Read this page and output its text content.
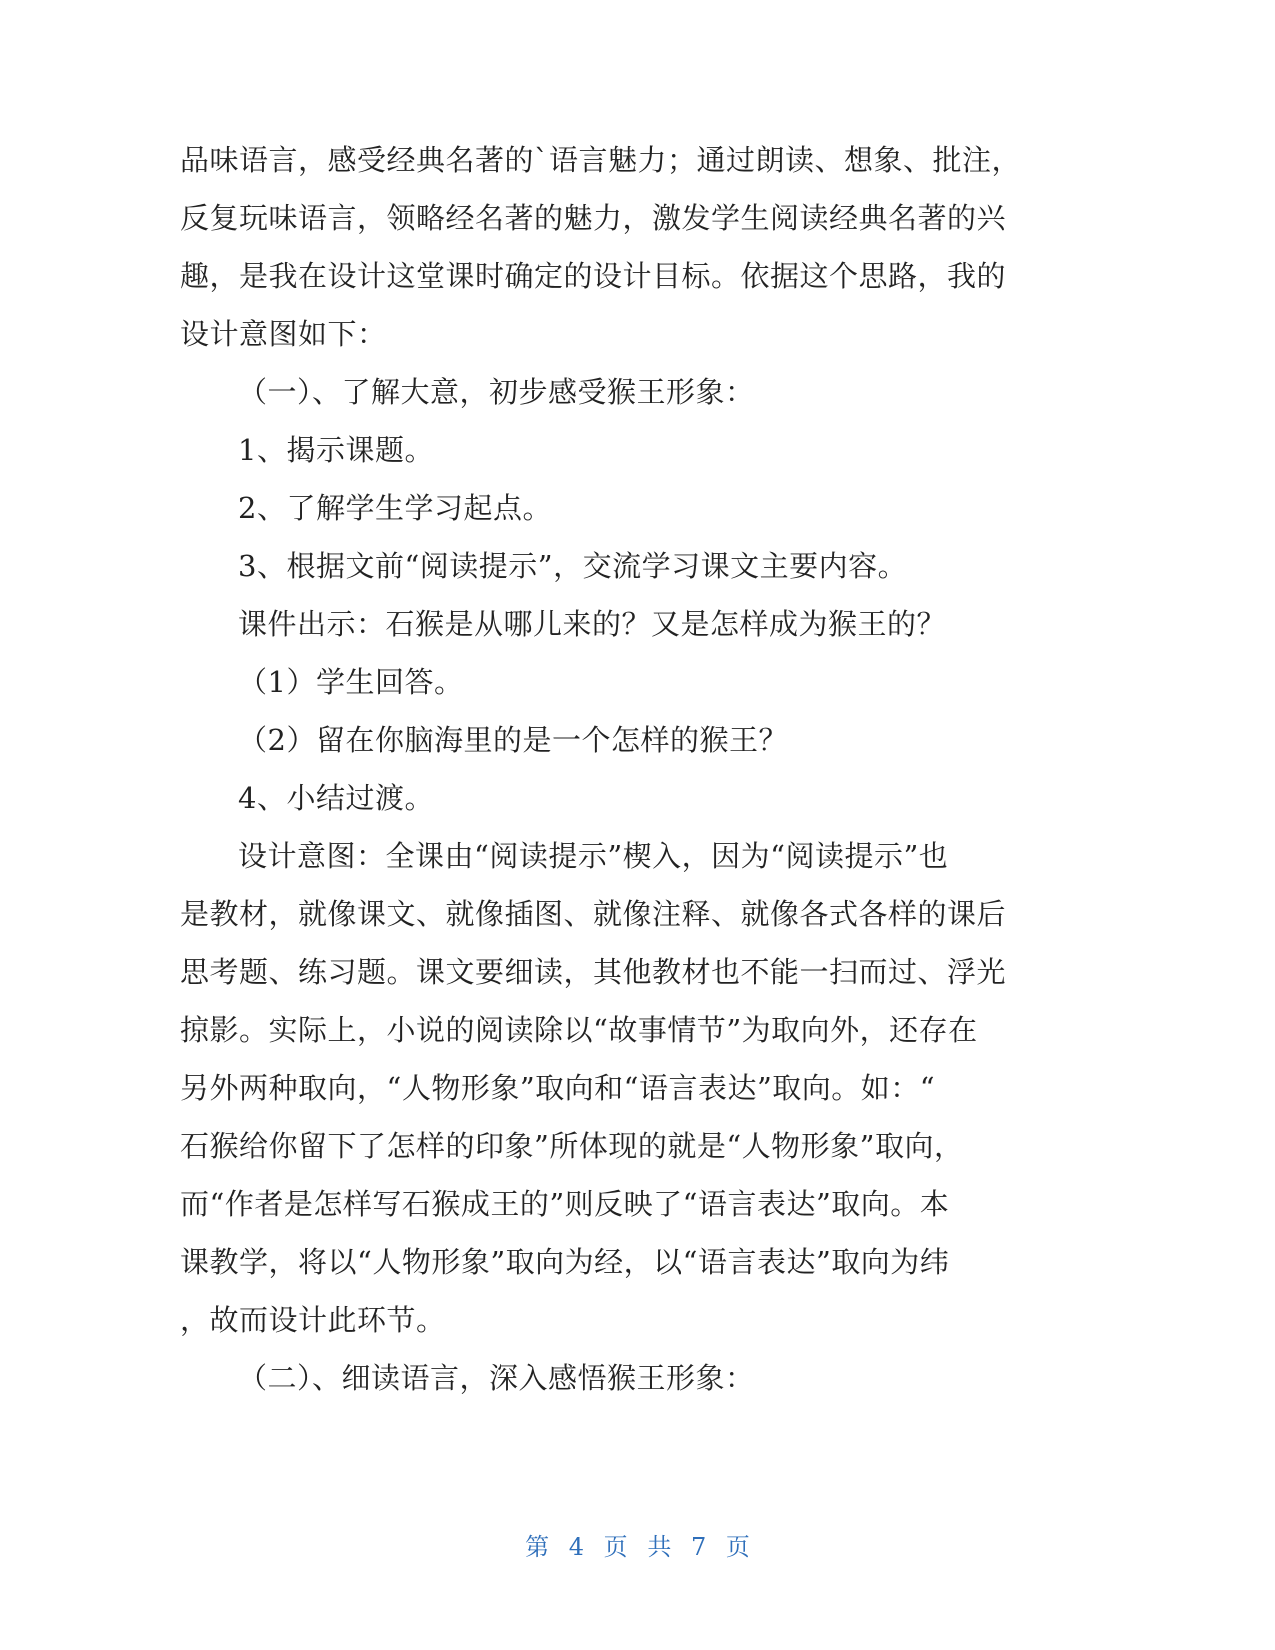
品味语言，感受经典名著的`语言魅力；通过朗读、想象、批注，
反复玩味语言，领略经名著的魅力，激发学生阅读经典名著的兴
趣，是我在设计这堂课时确定的设计目标。依据这个思路，我的
设计意图如下：
（一）、了解大意，初步感受猴王形象：
1、揭示课题。
2、了解学生学习起点。
3、根据文前“阅读提示”，交流学习课文主要内容。
课件出示：石猴是从哪儿来的？又是怎样成为猴王的？
（1）学生回答。
（2）留在你脑海里的是一个怎样的猴王？
4、小结过渡。
设计意图：全课由“阅读提示”楔入，因为“阅读提示”也
是教材，就像课文、就像插图、就像注释、就像各式各样的课后
思考题、练习题。课文要细读，其他教材也不能一扫而过、浮光
掠影。实际上，小说的阅读除以“故事情节”为取向外，还存在
另外两种取向，“人物形象”取向和“语言表达”取向。如：“
石猴给你留下了怎样的印象”所体现的就是“人物形象”取向，
而“作者是怎样写石猴成王的”则反映了“语言表达”取向。本
课教学，将以“人物形象”取向为经，以“语言表达”取向为纬
，故而设计此环节。
（二）、细读语言，深入感悟猴王形象：
第 4 页 共 7 页
